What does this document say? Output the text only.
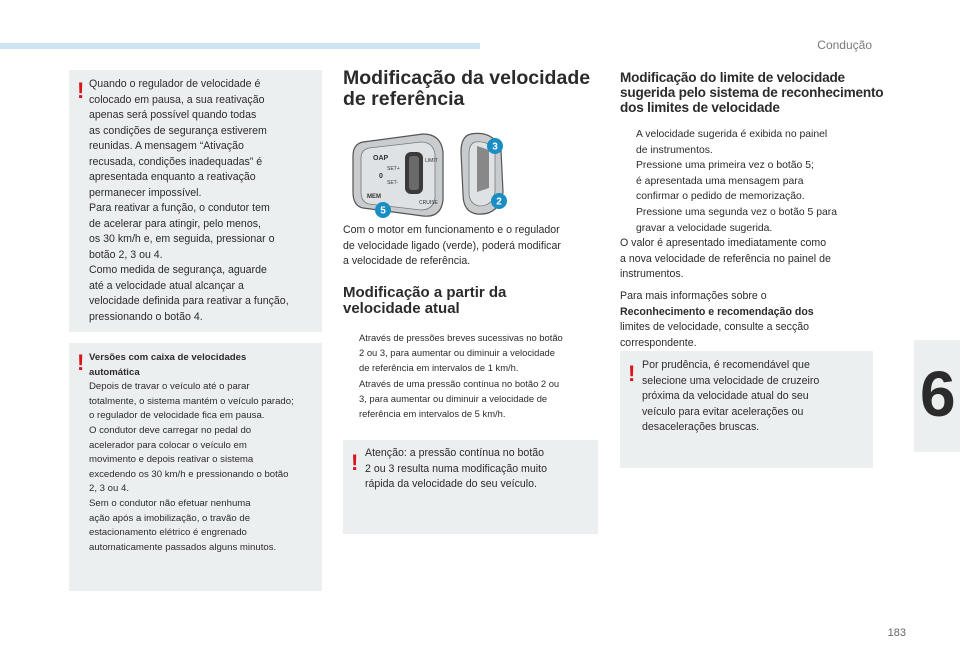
Condução
6
183
! Quando o regulador de velocidade é
colocado em pausa, a sua reativação
apenas será possível quando todas
as condições de segurança estiverem
reunidas. A mensagem “Ativação
recusada, condições inadequadas” é
apresentada enquanto a reativação
permanecer impossível.
Para reativar a função, o condutor tem
de acelerar para atingir, pelo menos,
os 30 km/h e, em seguida, pressionar o
botão 2, 3 ou 4.
Como medida de segurança, aguarde
até a velocidade atual alcançar a
velocidade definida para reativar a função,
pressionando o botão 4.
! Versões com caixa de velocidades
automática
Depois de travar o veículo até o parar
totalmente, o sistema mantém o veículo parado;
o regulador de velocidade fica em pausa.
O condutor deve carregar no pedal do
acelerador para colocar o veículo em
movimento e depois reativar o sistema
excedendo os 30 km/h e pressionando o botão
2, 3 ou 4.
Sem o condutor não efetuar nenhuma
ação após a imobilização, o travão de
estacionamento elétrico é engrenado
automaticamente passados alguns minutos.
Modificação da velocidade
de referência
OAP
SET+
SET-
MEM
LIMIT
CRUISE
0
3
2
5
Com o motor em funcionamento e o regulador
de velocidade ligado (verde), poderá modificar
a velocidade de referência.
Modificação a partir da
velocidade atual
Através de pressões breves sucessivas no botão
2 ou 3, para aumentar ou diminuir a velocidade
de referência em intervalos de 1 km/h.
Através de uma pressão contínua no botão 2 ou
3, para aumentar ou diminuir a velocidade de
referência em intervalos de 5 km/h.
! Atenção: a pressão contínua no botão
2 ou 3 resulta numa modificação muito
rápida da velocidade do seu veículo.
Modificação do limite de velocidade
sugerida pelo sistema de reconhecimento
dos limites de velocidade
A velocidade sugerida é exibida no painel
de instrumentos.
Pressione uma primeira vez o botão 5;
é apresentada uma mensagem para
confirmar o pedido de memorização.
Pressione uma segunda vez o botão 5 para
gravar a velocidade sugerida.
O valor é apresentado imediatamente como
a nova velocidade de referência no painel de
instrumentos.
Para mais informações sobre o
Reconhecimento e recomendação dos
limites de velocidade, consulte a secção
correspondente.
! Por prudência, é recomendável que
selecione uma velocidade de cruzeiro
próxima da velocidade atual do seu
veículo para evitar acelerações ou
desacelerações bruscas.
